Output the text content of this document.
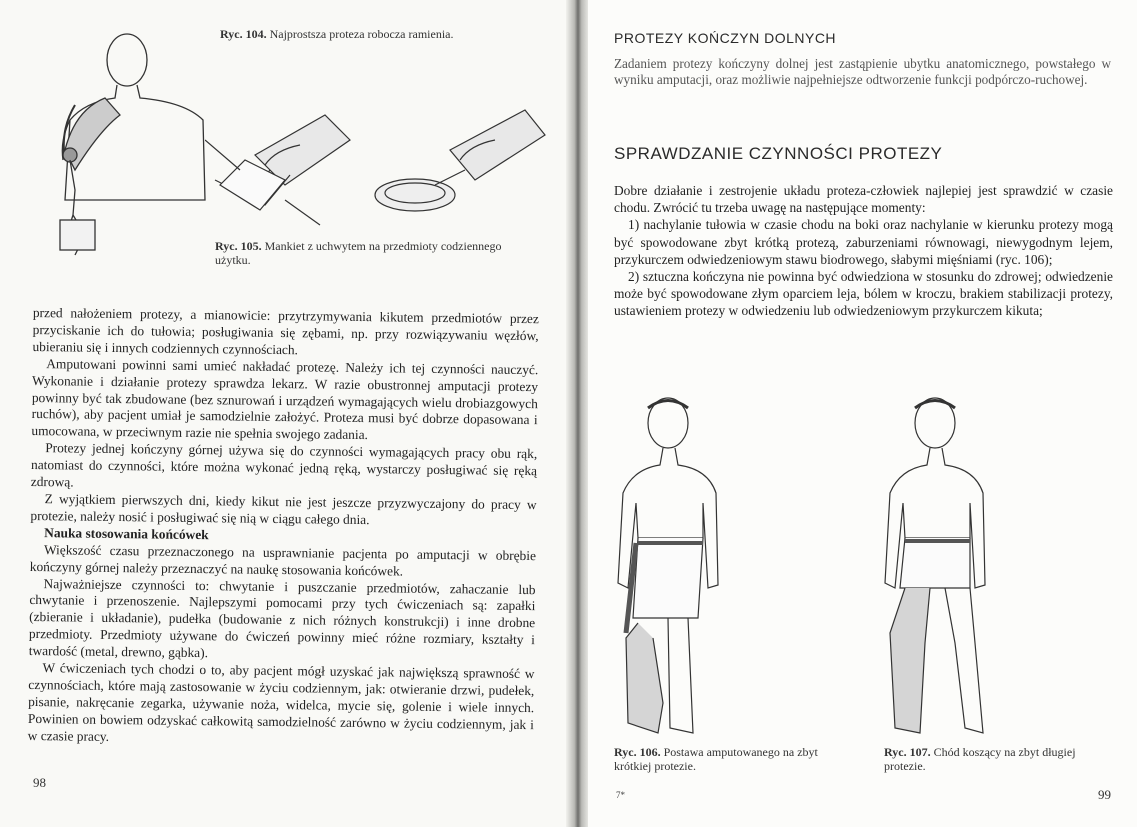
Ryc. 104. Najprostsza proteza robocza ramienia.
Ryc. 105. Mankiet z uchwytem na przedmioty codziennego użytku.

przed nałożeniem protezy, a mianowicie: przytrzymywania kikutem przedmiotów przez przyciskanie ich do tułowia; posługiwania się zębami, np. przy rozwiązywaniu węzłów, ubieraniu się i innych codziennych czynnościach.

Amputowani powinni sami umieć nakładać protezę. Należy ich tej czynności nauczyć. Wykonanie i działanie protezy sprawdza lekarz. W razie obustronnej amputacji protezy powinny być tak zbudowane (bez sznurowań i urządzeń wymagających wielu drobiazgowych ruchów), aby pacjent umiał je samodzielnie założyć. Proteza musi być dobrze dopasowana i umocowana, w przeciwnym razie nie spełnia swojego zadania.

Protezy jednej kończyny górnej używa się do czynności wymagających pracy obu rąk, natomiast do czynności, które można wykonać jedną ręką, wystarczy posługiwać się ręką zdrową.

Z wyjątkiem pierwszych dni, kiedy kikut nie jest jeszcze przyzwyczajony do pracy w protezie, należy nosić i posługiwać się nią w ciągu całego dnia.

Nauka stosowania końcówek

Większość czasu przeznaczonego na usprawnianie pacjenta po amputacji w obrębie kończyny górnej należy przeznaczyć na naukę stosowania końcówek.

Najważniejsze czynności to: chwytanie i puszczanie przedmiotów, zahaczanie lub chwytanie i przenoszenie. Najlepszymi pomocami przy tych ćwiczeniach są: zapałki (zbieranie i układanie), pudełka (budowanie z nich różnych konstrukcji) i inne drobne przedmioty. Przedmioty używane do ćwiczeń powinny mieć różne rozmiary, kształty i twardość (metal, drewno, gąbka).

W ćwiczeniach tych chodzi o to, aby pacjent mógł uzyskać jak największą sprawność w czynnościach, które mają zastosowanie w życiu codziennym, jak: otwieranie drzwi, pudełek, pisanie, nakręcanie zegarka, używanie noża, widelca, mycie się, golenie i wiele innych. Powinien on bowiem odzyskać całkowitą samodzielność zarówno w życiu codziennym, jak i w czasie pracy.

98
PROTEZY KOŃCZYN DOLNYCH

Zadaniem protezy kończyny dolnej jest zastąpienie ubytku anatomicznego, powstałego w wyniku amputacji, oraz możliwie najpełniejsze odtworzenie funkcji podpórczo-ruchowej.

SPRAWDZANIE CZYNNOŚCI PROTEZY

Dobre działanie i zestrojenie układu proteza-człowiek najlepiej jest sprawdzić w czasie chodu. Zwrócić tu trzeba uwagę na następujące momenty:

1) nachylanie tułowia w czasie chodu na boki oraz nachylanie w kierunku protezy mogą być spowodowane zbyt krótką protezą, zaburzeniami równowagi, niewygodnym lejem, przykurczem odwiedzeniowym stawu biodrowego, słabymi mięśniami (ryc. 106);

2) sztuczna kończyna nie powinna być odwiedziona w stosunku do zdrowej; odwiedzenie może być spowodowane złym oparciem leja, bólem w kroczu, brakiem stabilizacji protezy, ustawieniem protezy w odwiedzeniu lub odwiedzeniowym przykurczem kikuta;

Ryc. 106. Postawa amputowanego na zbyt krótkiej protezie.
Ryc. 107. Chód koszący na zbyt długiej protezie.
7*	99
